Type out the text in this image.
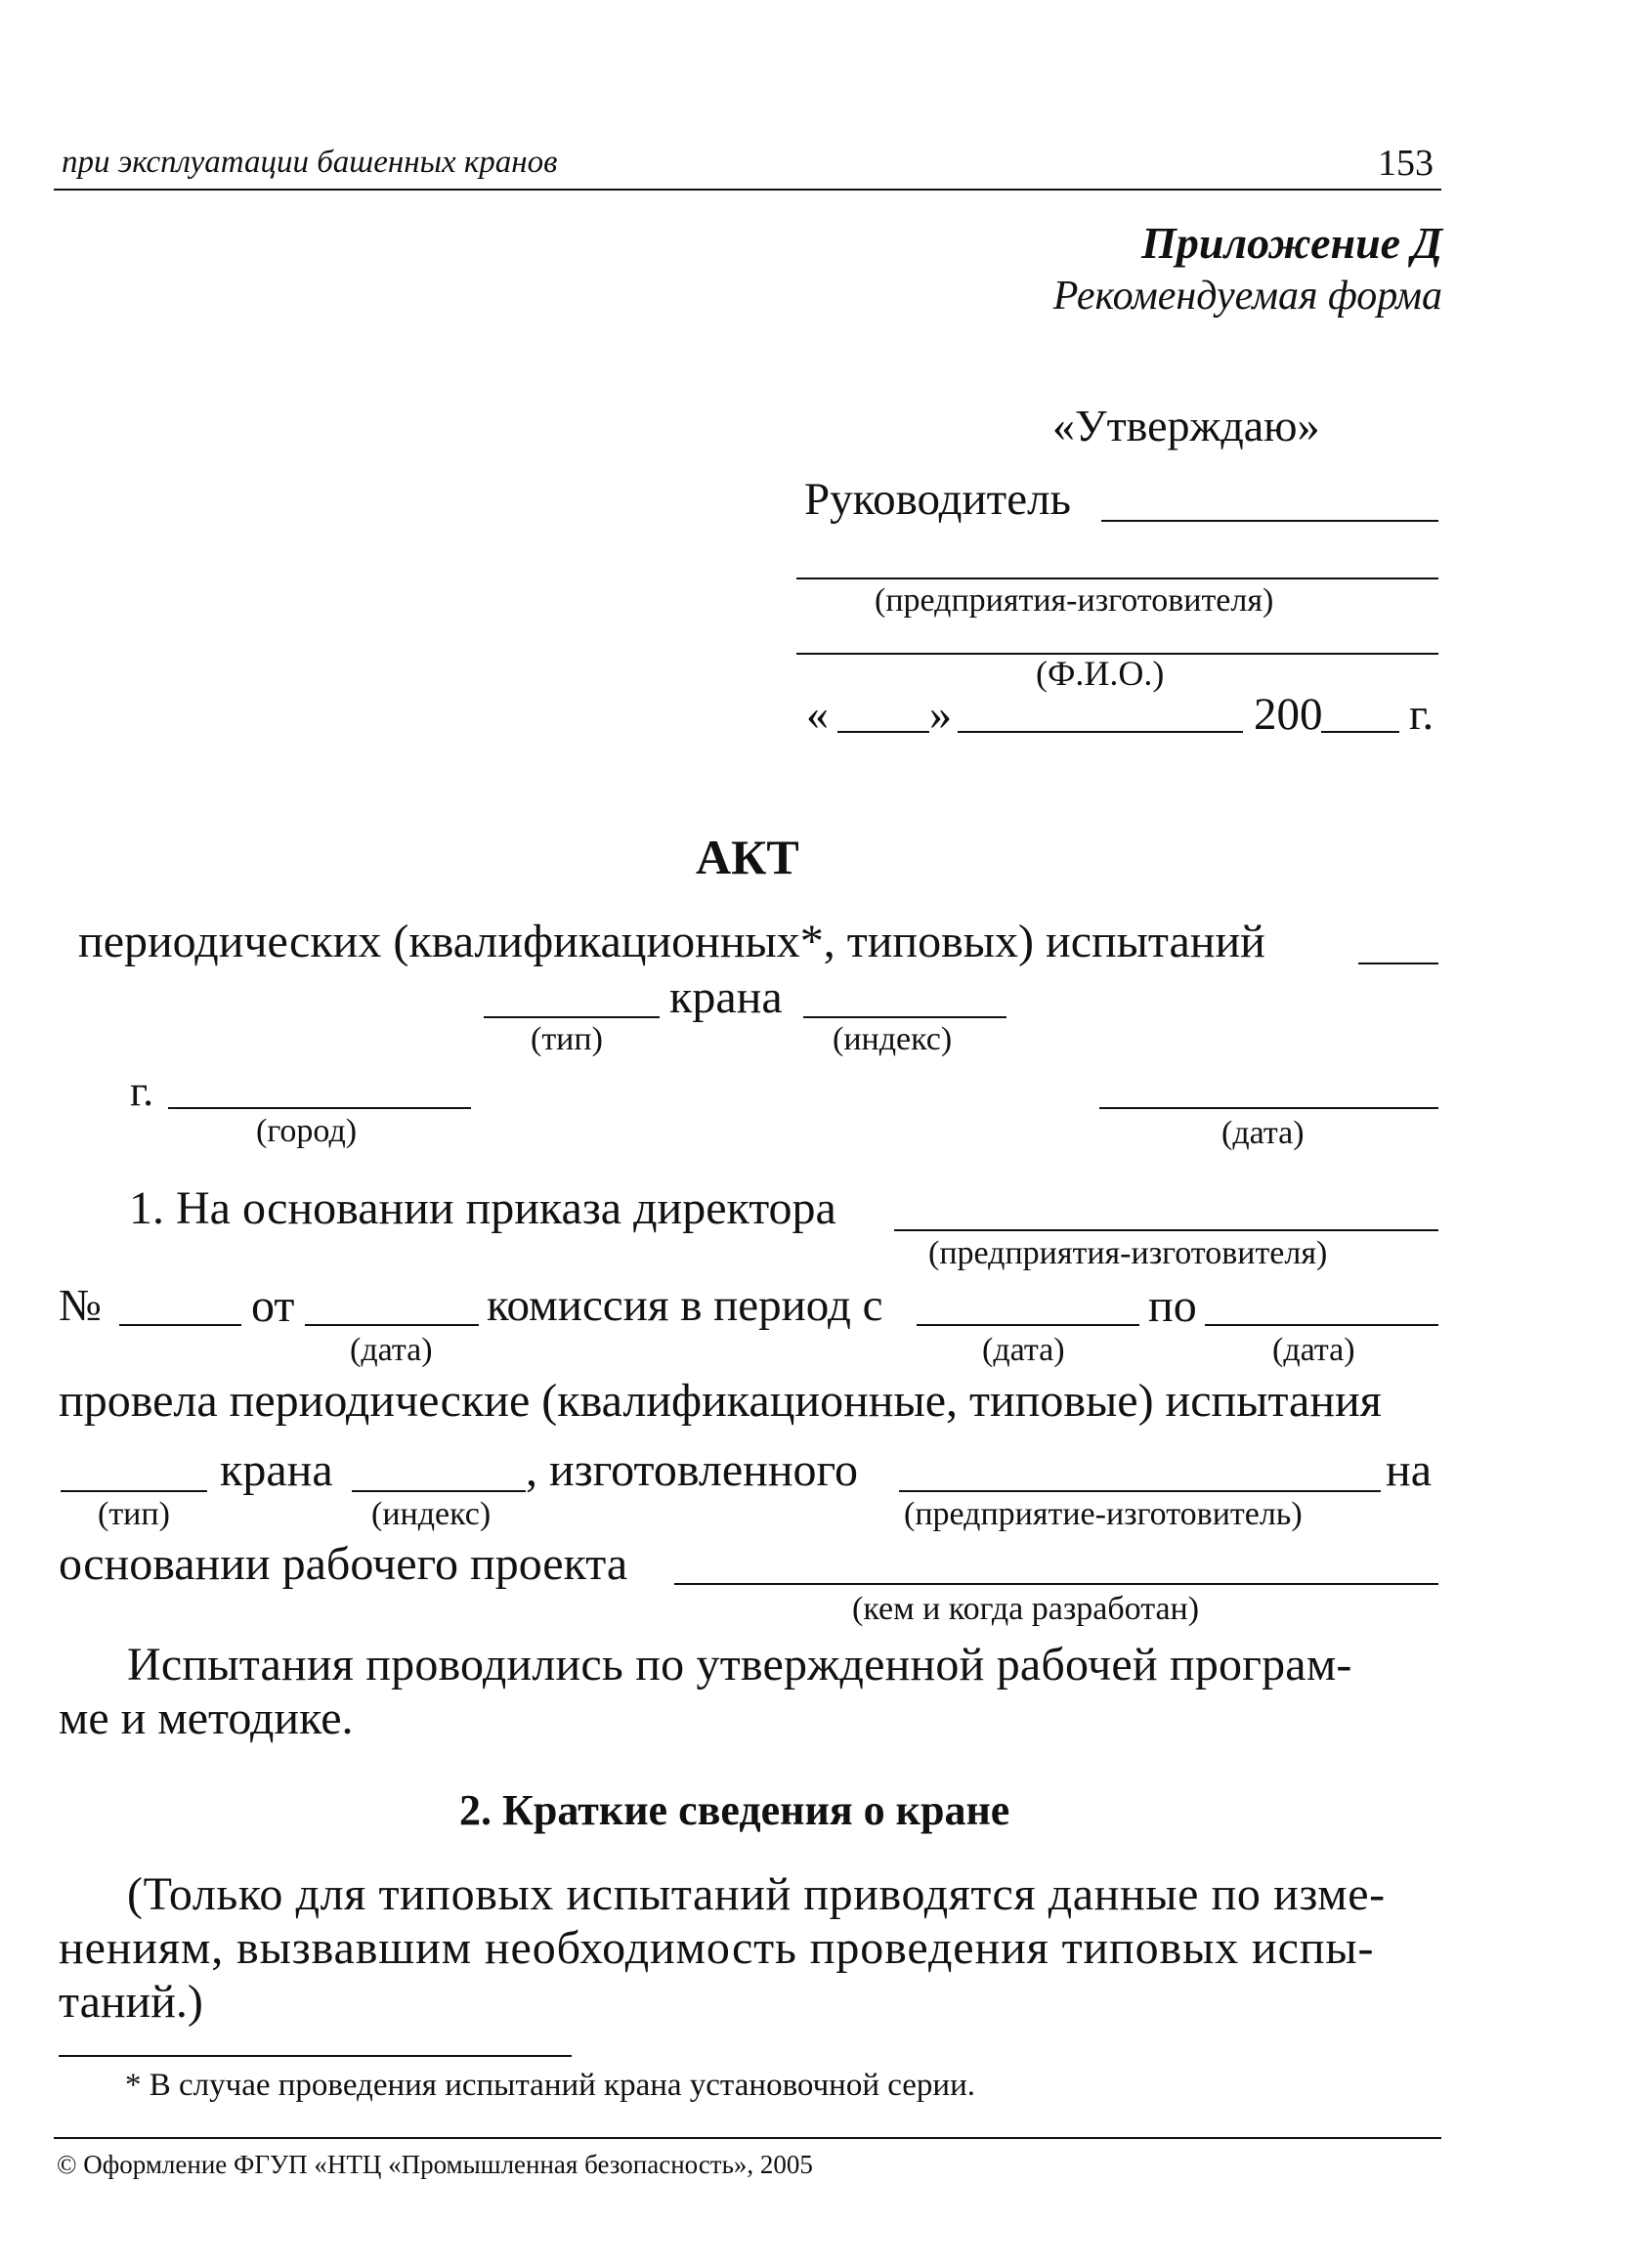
при эксплуатации башенных кранов	153
Приложение Д
Рекомендуемая форма
«Утверждаю»
Руководитель
(предприятия-изготовителя)
(Ф.И.О.)
« »	200 г.
АКТ
периодических (квалификационных*, типовых) испытаний
крана
(тип)	(индекс)
г.
(город)	(дата)
1. На основании приказа директора
(предприятия-изготовителя)
№	от	комиссия в период с	по
(дата)	(дата)	(дата)
провела периодические (квалификационные, типовые) испытания
крана	, изготовленного	на
(тип)	(индекс)	(предприятие-изготовитель)
основании рабочего проекта
(кем и когда разработан)
Испытания проводились по утвержденной рабочей програм-
ме и методике.
2. Краткие сведения о кране
(Только для типовых испытаний приводятся данные по изме-
нениям, вызвавшим необходимость проведения типовых испы-
таний.)
* В случае проведения испытаний крана установочной серии.
© Оформление ФГУП «НТЦ «Промышленная безопасность», 2005
